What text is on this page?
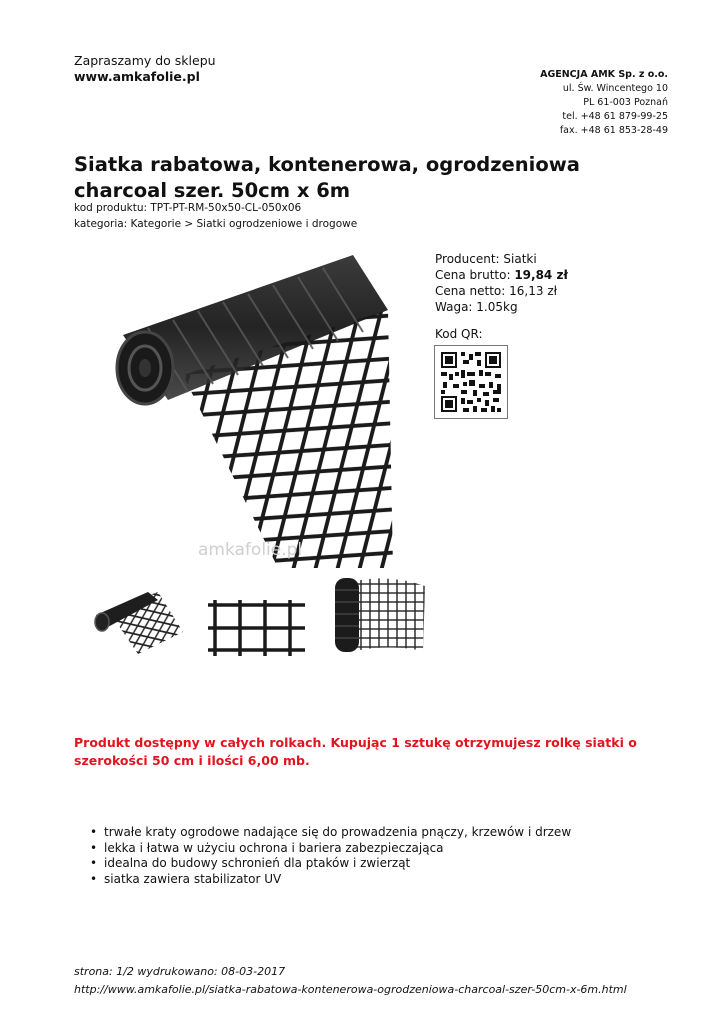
Zapraszamy do sklepu
www.amkafolie.pl	AGENCJA AMK Sp. z o.o.
ul. Św. Wincentego 10
PL 61-003 Poznań
tel. +48 61 879-99-25
fax. +48 61 853-28-49
Siatka rabatowa, kontenerowa, ogrodzeniowa charcoal szer. 50cm x 6m
kod produktu: TPT-PT-RM-50x50-CL-050x06
kategoria: Kategorie > Siatki ogrodzeniowe i drogowe
amkafolie.pl
Producent: Siatki
Cena brutto: 19,84 zł
Cena netto: 16,13 zł
Waga: 1.05kg
Kod QR:
Produkt dostępny w całych rolkach. Kupując 1 sztukę otrzymujesz rolkę siatki o szerokości 50 cm i ilości 6,00 mb.
• trwałe kraty ogrodowe nadające się do prowadzenia pnączy, krzewów i drzew
• lekka i łatwa w użyciu ochrona i bariera zabezpieczająca
• idealna do budowy schronień dla ptaków i zwierząt
• siatka zawiera stabilizator UV
strona: 1/2 wydrukowano: 08-03-2017
http://www.amkafolie.pl/siatka-rabatowa-kontenerowa-ogrodzeniowa-charcoal-szer-50cm-x-6m.html
